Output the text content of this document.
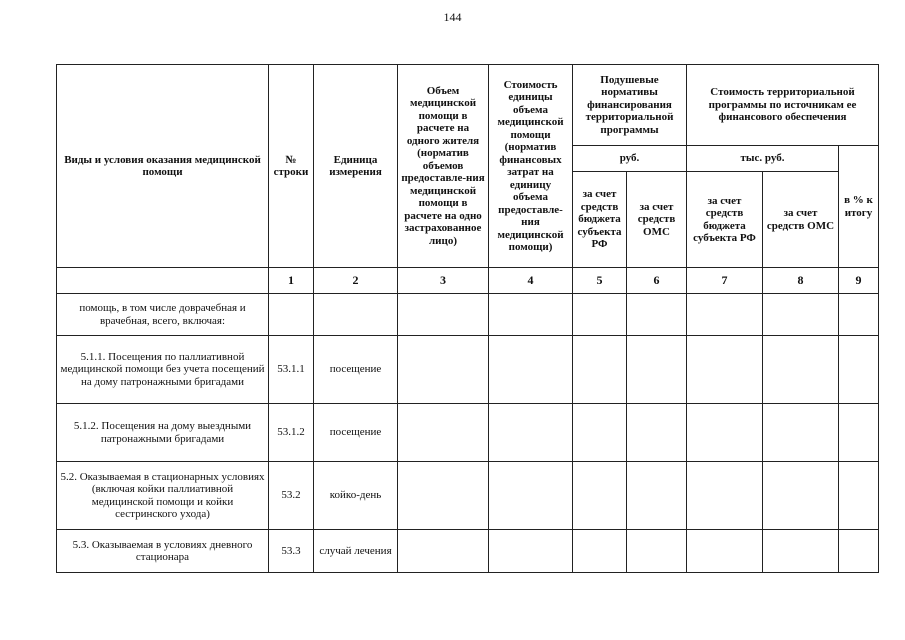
144
Виды и условия оказания медицинской помощи	№ строки	Единица измерения	Объем медицинской помощи в расчете на одного жителя (норматив объемов предоставле-ния медицинской помощи в расчете на одно застрахованное лицо)	Стоимость единицы объема медицинской помощи (норматив финансовых затрат на единицу объема предоставле-ния медицинской помощи)	Подушевые нормативы финансирования территориальной программы		Стоимость территориальной программы по источникам ее финансового обеспечения		
					руб.		тыс. руб.		в % к итогу
					за счет средств бюджета субъекта РФ	за счет средств ОМС	за счет средств бюджета субъекта РФ	за счет средств ОМС	
	1	2	3	4	5	6	7	8	9
помощь, в том числе доврачебная и врачебная, всего, включая:									
5.1.1. Посещения по паллиативной медицинской помощи без учета посещений на дому патронажными бригадами	53.1.1	посещение							
5.1.2. Посещения на дому выездными патронажными бригадами	53.1.2	посещение							
5.2. Оказываемая в стационарных условиях (включая койки паллиативной медицинской помощи и койки сестринского ухода)	53.2	койко-день							
5.3. Оказываемая в условиях дневного стационара	53.3	случай лечения							
